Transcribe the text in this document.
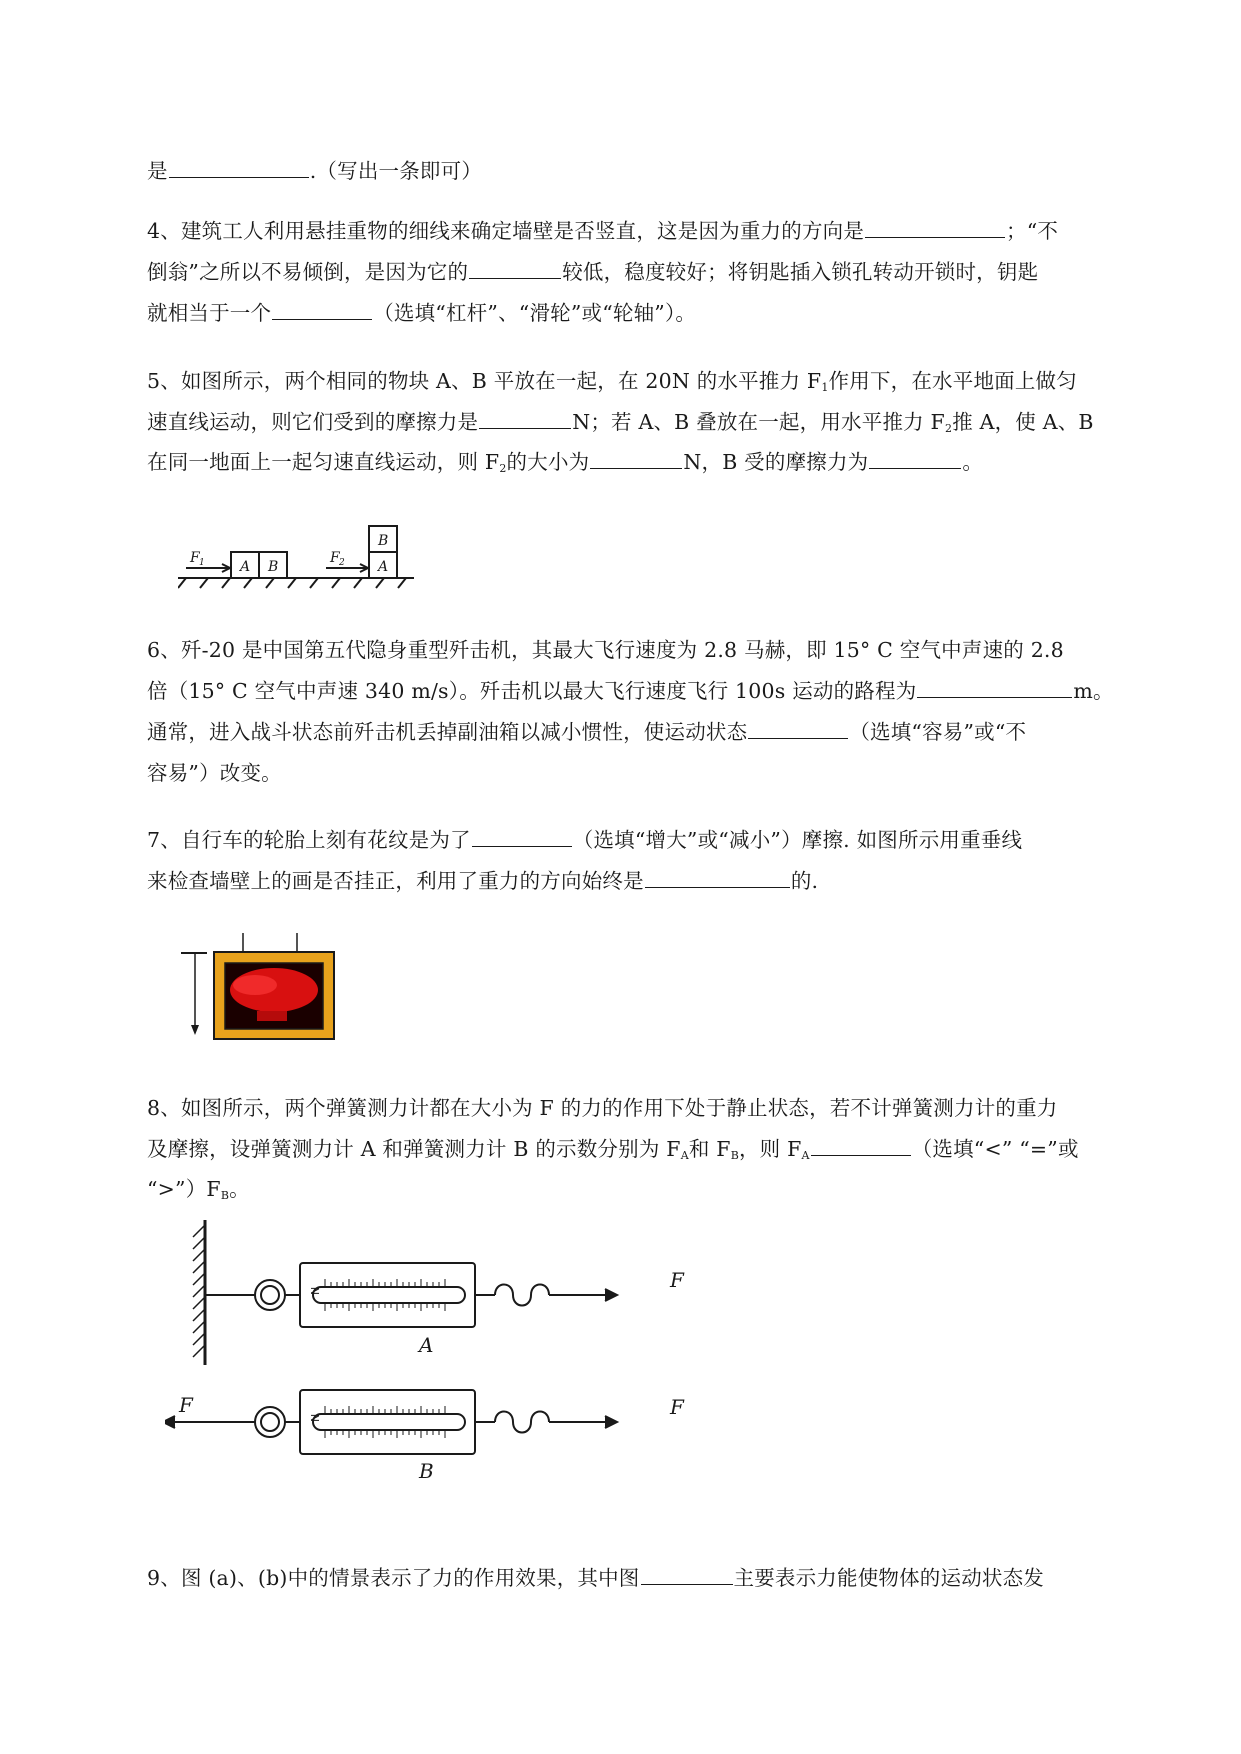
是	.（写出一条即可）
4、建筑工人利用悬挂重物的细线来确定墙壁是否竖直，这是因为重力的方向是	；“不
倒翁”之所以不易倾倒，是因为它的	较低，稳度较好；将钥匙插入锁孔转动开锁时，钥匙
就相当于一个	（选填“杠杆”、“滑轮”或“轮轴”）。
5、如图所示，两个相同的物块 A、B 平放在一起，在 20N 的水平推力 $F_1$作用下，在水平地面上做匀
速直线运动，则它们受到的摩擦力是	N；若 A、B 叠放在一起，用水平推力 $F_2$推 A，使 A、B
在同一地面上一起匀速直线运动，则 $F_2$的大小为	N，B 受的摩擦力为	。
F 1	A B
F 2 A
B
6、歼-20 是中国第五代隐身重型歼击机，其最大飞行速度为 2.8 马赫，即 15° C 空气中声速的 2.8
倍（15° C 空气中声速 340 m/s）。歼击机以最大飞行速度飞行 100s 运动的路程为	m。
通常，进入战斗状态前歼击机丢掉副油箱以减小惯性，使运动状态	（选填“容易”或“不
容易”）改变。
7、自行车的轮胎上刻有花纹是为了	（选填“增大”或“减小”）摩擦. 如图所示用重垂线
来检查墙壁上的画是否挂正，利用了重力的方向始终是	的.
8、如图所示，两个弹簧测力计都在大小为 F 的力的作用下处于静止状态，若不计弹簧测力计的重力
及摩擦，设弹簧测力计 A 和弹簧测力计 B 的示数分别为 $F_A$和 $F_B$，则 $F_A$	（选填“<” “=”或
“$>”)F_B$。
F
A
F	F
B
N
N
9、图 (a)、(b)中的情景表示了力的作用效果，其中图	主要表示力能使物体的运动状态发
